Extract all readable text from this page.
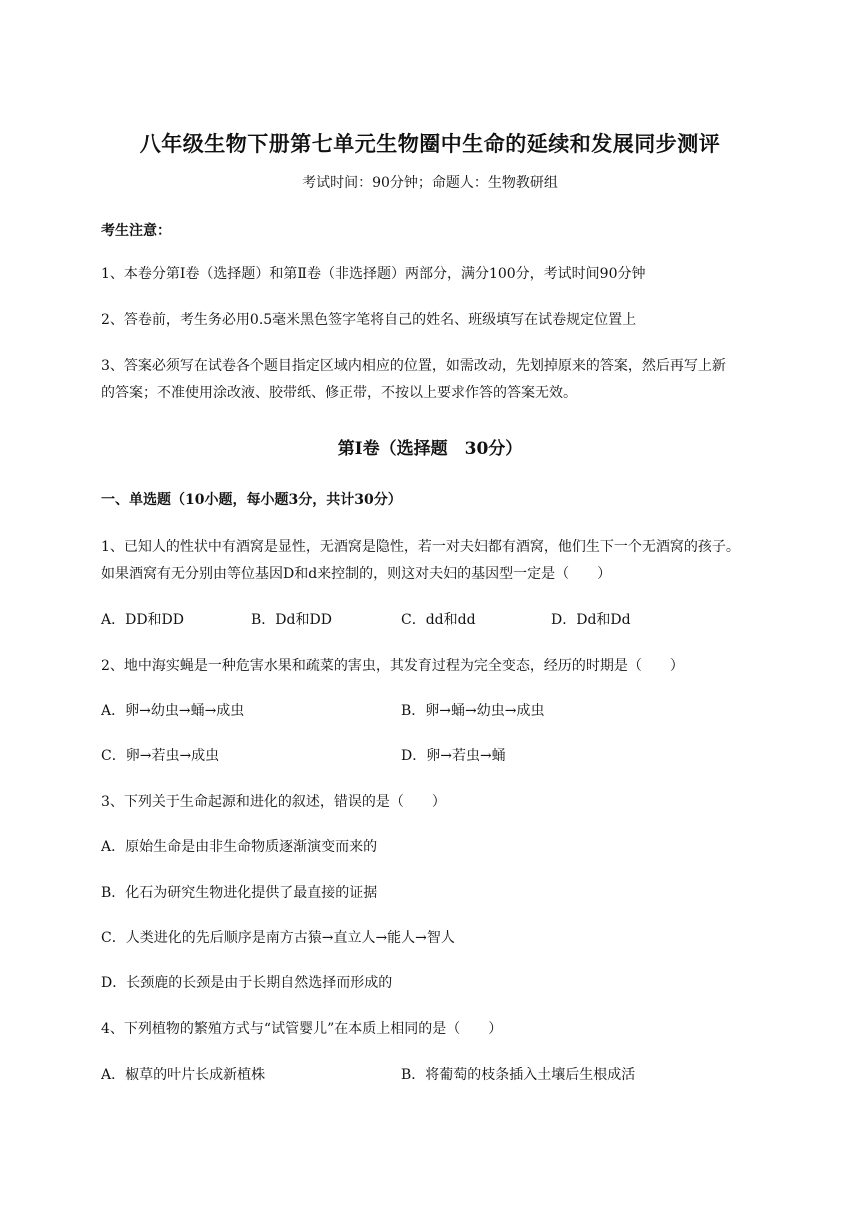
八年级生物下册第七单元生物圈中生命的延续和发展同步测评
考试时间：90分钟；命题人：生物教研组
考生注意：
1、本卷分第Ⅰ卷（选择题）和第Ⅱ卷（非选择题）两部分，满分100分，考试时间90分钟
2、答卷前，考生务必用0.5毫米黑色签字笔将自己的姓名、班级填写在试卷规定位置上
3、答案必须写在试卷各个题目指定区域内相应的位置，如需改动，先划掉原来的答案，然后再写上新
的答案；不准使用涂改液、胶带纸、修正带，不按以上要求作答的答案无效。
第Ⅰ卷（选择题　30分）
一、单选题（10小题，每小题3分，共计30分）
1、已知人的性状中有酒窝是显性，无酒窝是隐性，若一对夫妇都有酒窝，他们生下一个无酒窝的孩子。
如果酒窝有无分别由等位基因D和d来控制的，则这对夫妇的基因型一定是（　　）
A．DD和DD	B．Dd和DD	C．dd和dd	D．Dd和Dd
2、地中海实蝇是一种危害水果和疏菜的害虫，其发育过程为完全变态，经历的时期是（　　）
A．卵→幼虫→蛹→成虫	B．卵→蛹→幼虫→成虫
C．卵→若虫→成虫	D．卵→若虫→蛹
3、下列关于生命起源和进化的叙述，错误的是（　　）
A．原始生命是由非生命物质逐渐演变而来的
B．化石为研究生物进化提供了最直接的证据
C．人类进化的先后顺序是南方古猿→直立人→能人→智人
D．长颈鹿的长颈是由于长期自然选择而形成的
4、下列植物的繁殖方式与“试管婴儿”在本质上相同的是（　　）
A．椒草的叶片长成新植株	B．将葡萄的枝条插入土壤后生根成活
